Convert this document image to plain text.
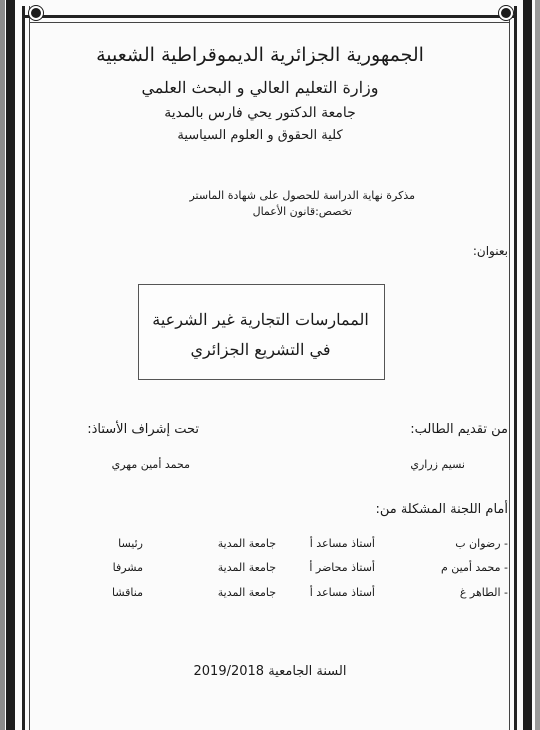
الجمهورية الجزائرية الديموقراطية الشعبية
وزارة التعليم العالي و البحث العلمي
جامعة الدكتور يحي فارس بالمدية
كلية الحقوق و العلوم السياسية
مذكرة نهاية الدراسة للحصول على شهادة الماستر
تخصص:قانون الأعمال
بعنوان:
الممارسات التجارية غير الشرعية
في التشريع الجزائري
من تقديم الطالب:
نسيم زراري
تحت إشراف الأستاذ:
محمد أمين مهري
أمام اللجنة المشكلة من:
- رضوان ب
أستاذ مساعد أ
جامعة المدية
رئيسا
- محمد أمين م
أستاذ محاضر أ
جامعة المدية
مشرفا
- الطاهر غ
أستاذ مساعد أ
جامعة المدية
مناقشا
السنة الجامعية 2019/2018
